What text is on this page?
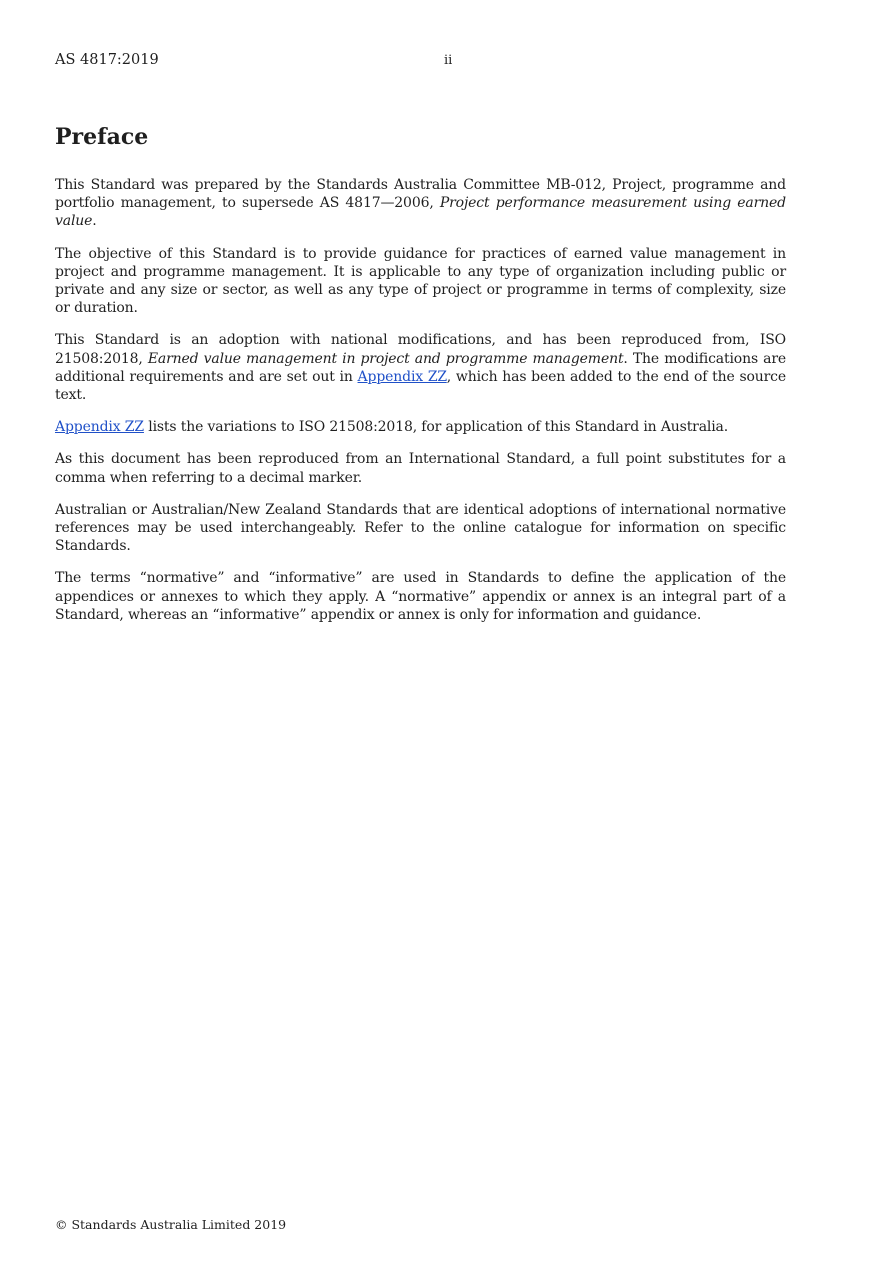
AS 4817:2019	ii
Preface

This Standard was prepared by the Standards Australia Committee MB-012, Project, programme and portfolio management, to supersede AS 4817—2006, Project performance measurement using earned value.

The objective of this Standard is to provide guidance for practices of earned value management in project and programme management. It is applicable to any type of organization including public or private and any size or sector, as well as any type of project or programme in terms of complexity, size or duration.

This Standard is an adoption with national modifications, and has been reproduced from, ISO 21508:2018, Earned value management in project and programme management. The modifications are additional requirements and are set out in Appendix ZZ, which has been added to the end of the source text.

Appendix ZZ lists the variations to ISO 21508:2018, for application of this Standard in Australia.

As this document has been reproduced from an International Standard, a full point substitutes for a comma when referring to a decimal marker.

Australian or Australian/New Zealand Standards that are identical adoptions of international normative references may be used interchangeably. Refer to the online catalogue for information on specific Standards.

The terms “normative” and “informative” are used in Standards to define the application of the appendices or annexes to which they apply. A “normative” appendix or annex is an integral part of a Standard, whereas an “informative” appendix or annex is only for information and guidance.

© Standards Australia Limited 2019
